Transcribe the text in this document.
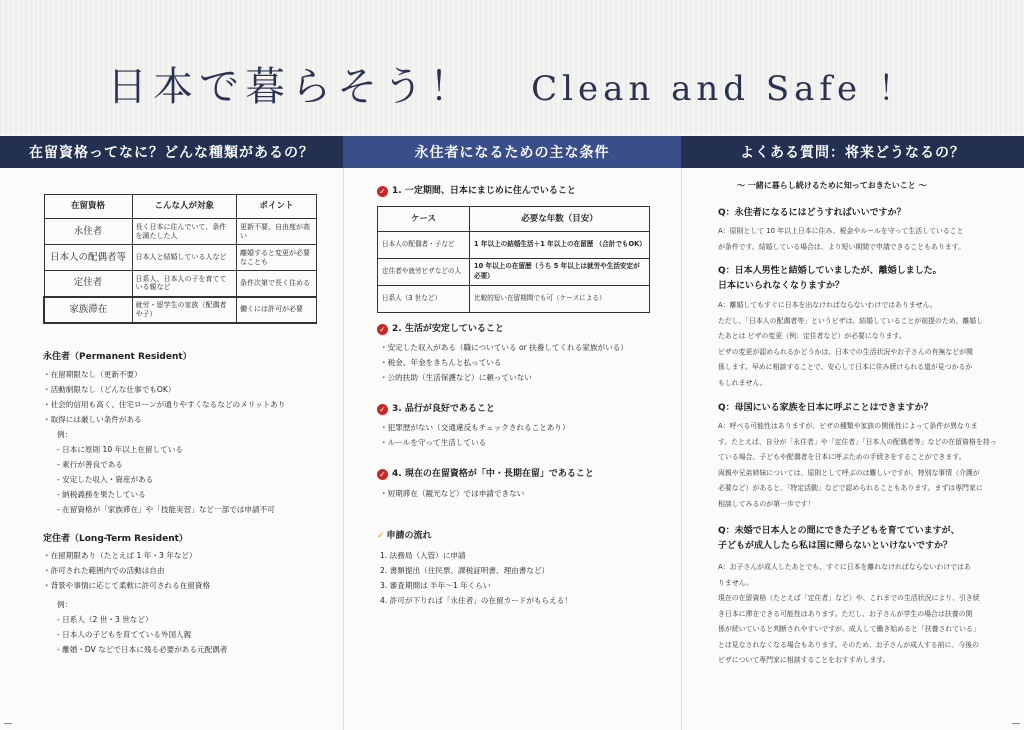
日本で暮らそう！ Clean and Safe ！
在留資格ってなに？どんな種類があるの？	永住者になるための主な条件	よくある質問：将来どうなるの？
在留資格	こんな人が対象	ポイント
永住者	長く日本に住んでいて、条件を満たした人	更新不要、自由度が高い
日本人の配偶者等	日本人と結婚している人など	離婚すると変更が必要なことも
定住者	日系人、日本人の子を育てている親など	条件次第で長く住める
家族滞在	就労・留学生の家族（配偶者や子）	働くには許可が必要
永住者（Permanent Resident）
・在留期限なし（更新不要）
・活動制限なし（どんな仕事でもOK）
・社会的信用も高く、住宅ローンが通りやすくなるなどのメリットあり
・取得には厳しい条件がある
例：
- 日本に原則 10 年以上在留している
- 素行が善良である
- 安定した収入・資産がある
- 納税義務を果たしている
- 在留資格が「家族滞在」や「技能実習」など一部では申請不可
定住者（Long-Term Resident）
・在留期限あり（たとえば 1 年・3 年など）
・許可された範囲内での活動は自由
・背景や事情に応じて柔軟に許可される在留資格
例：
- 日系人（2 世・3 世など）
- 日本人の子どもを育てている外国人親
- 離婚・DV などで日本に残る必要がある元配偶者
✓ 1. 一定期間、日本にまじめに住んでいること
ケース	必要な年数（目安）
日本人の配偶者・子など	1 年以上の結婚生活＋1 年以上の在留歴 （合計でもOK）
定住者や就労ビザなどの人	10 年以上の在留歴（うち 5 年以上は就労や生活安定が必要）
日系人（3 世など）	比較的短い在留期間でも可（ケースによる）
✓ 2. 生活が安定していること
・安定した収入がある（職についている or 扶養してくれる家族がいる）
・税金、年金をきちんと払っている
・公的扶助（生活保護など）に頼っていない
✓ 3. 品行が良好であること
・犯罪歴がない（交通違反もチェックされることあり）
・ルールを守って生活している
✓ 4. 現在の在留資格が「中・長期在留」であること
・短期滞在（観光など）では申請できない
✓ 申請の流れ
1. 法務局（入管）に申請
2. 書類提出（住民票、課税証明書、理由書など）
3. 審査期間は 半年〜1 年くらい
4. 許可が下りれば「永住者」の在留カードがもらえる！
〜 一緒に暮らし続けるために知っておきたいこと 〜
Q：永住者になるにはどうすればいいですか？
A：原則として 10 年以上日本に住み、税金やルールを守って生活していること
が条件です。結婚している場合は、より短い期間で申請できることもあります。
Q：日本人男性と結婚していましたが、離婚しました。
日本にいられなくなりますか？
A：離婚してもすぐに日本を出なければならないわけではありません。
ただし、「日本人の配偶者等」というビザは、結婚していることが前提のため、離婚し
たあとは ビザの変更（例：定住者など）が必要になります。
ビザの変更が認められるかどうかは、日本での生活状況やお子さんの有無などが関
係します。早めに相談することで、安心して日本に住み続けられる道が見つかるか
もしれません。
Q：母国にいる家族を日本に呼ぶことはできますか？
A：呼べる可能性はありますが、ビザの種類や家族の関係性によって条件が異なりま
す。たとえば、自分が「永住者」や「定住者」「日本人の配偶者等」などの在留資格を持っ
ている場合、子どもや配偶者を日本に呼ぶための手続きをすることができます。
両親や兄弟姉妹については、原則として呼ぶのは難しいですが、特別な事情（介護が
必要など）があると、「特定活動」などで認められることもあります。まずは専門家に
相談してみるのが第一歩です！
Q：未婚で日本人との間にできた子どもを育てていますが、
子どもが成人したら私は国に帰らないといけないですか？
A：お子さんが成人したあとでも、すぐに日本を離れなければならないわけではあ
りません。
現在の在留資格（たとえば「定住者」など）や、これまでの生活状況により、引き続
き日本に滞在できる可能性はあります。ただし、お子さんが学生の場合は扶養の関
係が続いていると判断されやすいですが、成人して働き始めると「扶養されている」
とは見なされなくなる場合もあります。そのため、お子さんが成人する前に、今後の
ビザについて専門家に相談することをおすすめします。
